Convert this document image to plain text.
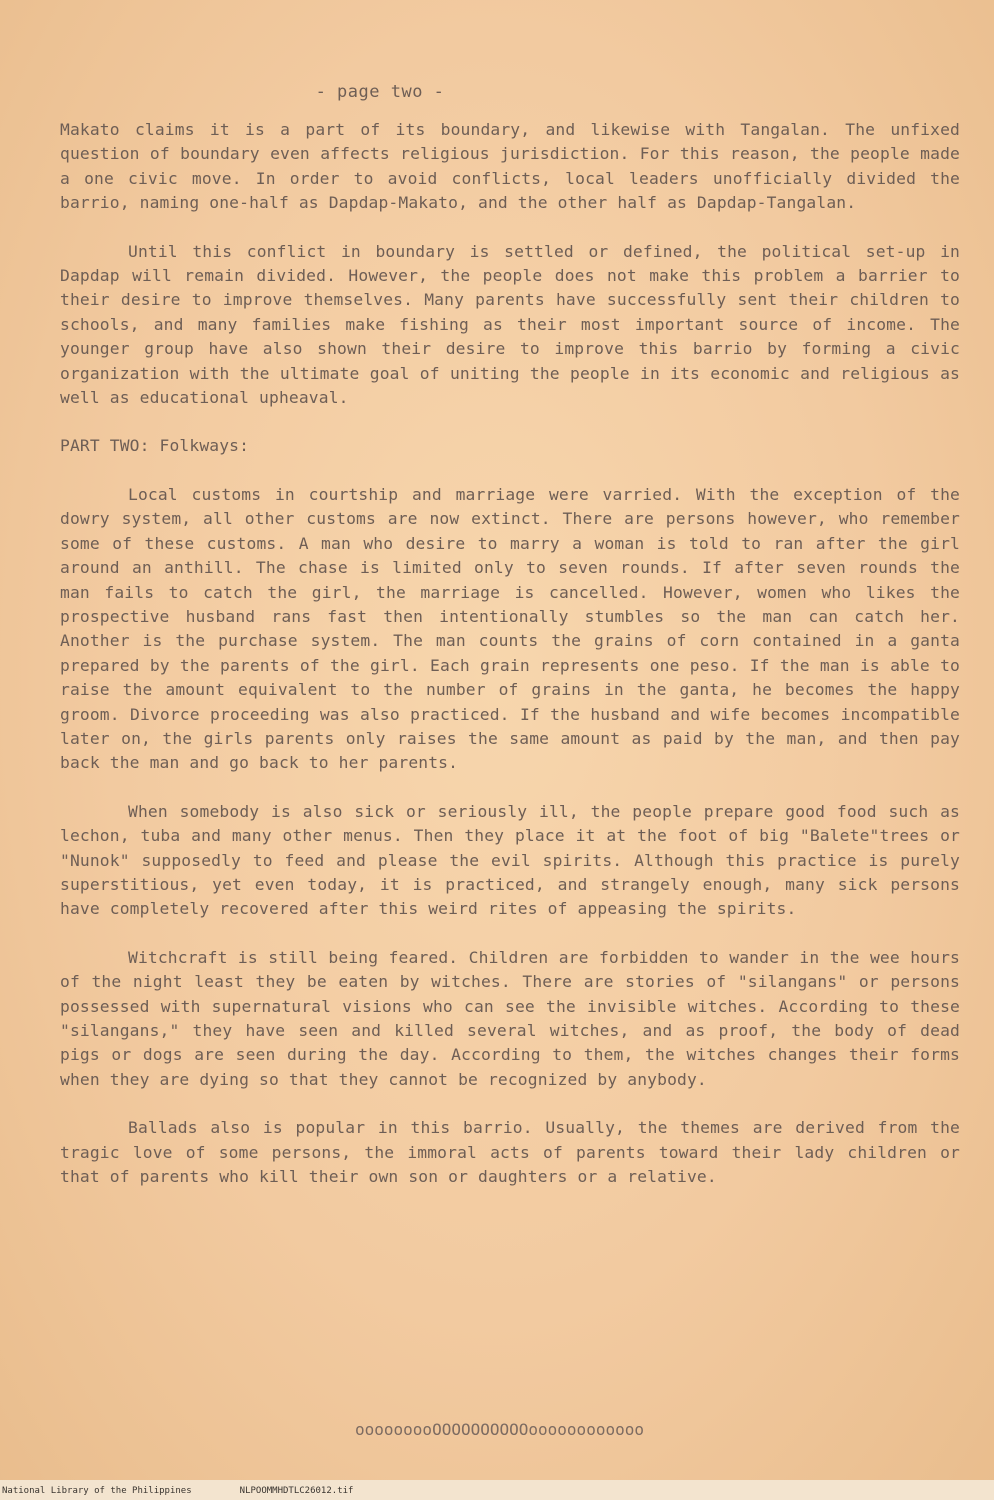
- page two -

Makato claims it is a part of its boundary, and likewise with Tangalan. The unfixed question of boundary even affects religious jurisdiction. For this reason, the people made a one civic move. In order to avoid conflicts, local leaders unofficially divided the barrio, naming one-half as Dapdap-Makato, and the other half as Dapdap-Tangalan.

Until this conflict in boundary is settled or defined, the political set-up in Dapdap will remain divided. However, the people does not make this problem a barrier to their desire to improve themselves. Many parents have successfully sent their children to schools, and many families make fishing as their most important source of income. The younger group have also shown their desire to improve this barrio by forming a civic organization with the ultimate goal of uniting the people in its economic and religious as well as educational upheaval.

PART TWO: Folkways:

Local customs in courtship and marriage were varried. With the exception of the dowry system, all other customs are now extinct. There are persons however, who remember some of these customs. A man who desire to marry a woman is told to ran after the girl around an anthill. The chase is limited only to seven rounds. If after seven rounds the man fails to catch the girl, the marriage is cancelled. However, women who likes the prospective husband rans fast then intentionally stumbles so the man can catch her. Another is the purchase system. The man counts the grains of corn contained in a ganta prepared by the parents of the girl. Each grain represents one peso. If the man is able to raise the amount equivalent to the number of grains in the ganta, he becomes the happy groom. Divorce proceeding was also practiced. If the husband and wife becomes incompatible later on, the girls parents only raises the same amount as paid by the man, and then pay back the man and go back to her parents.

When somebody is also sick or seriously ill, the people prepare good food such as lechon, tuba and many other menus. Then they place it at the foot of big "Balete"trees or "Nunok" supposedly to feed and please the evil spirits. Although this practice is purely superstitious, yet even today, it is practiced, and strangely enough, many sick persons have completely recovered after this weird rites of appeasing the spirits.

Witchcraft is still being feared. Children are forbidden to wander in the wee hours of the night least they be eaten by witches. There are stories of "silangans" or persons possessed with supernatural visions who can see the invisible witches. According to these "silangans," they have seen and killed several witches, and as proof, the body of dead pigs or dogs are seen during the day. According to them, the witches changes their forms when they are dying so that they cannot be recognized by anybody.

Ballads also is popular in this barrio. Usually, the themes are derived from the tragic love of some persons, the immoral acts of parents toward their lady children or that of parents who kill their own son or daughters or a relative.

ooooooooOOOOOOOOOOoooooooooooo
National Library of the Philippines	NLPOOMMHDTLC26012.tif
